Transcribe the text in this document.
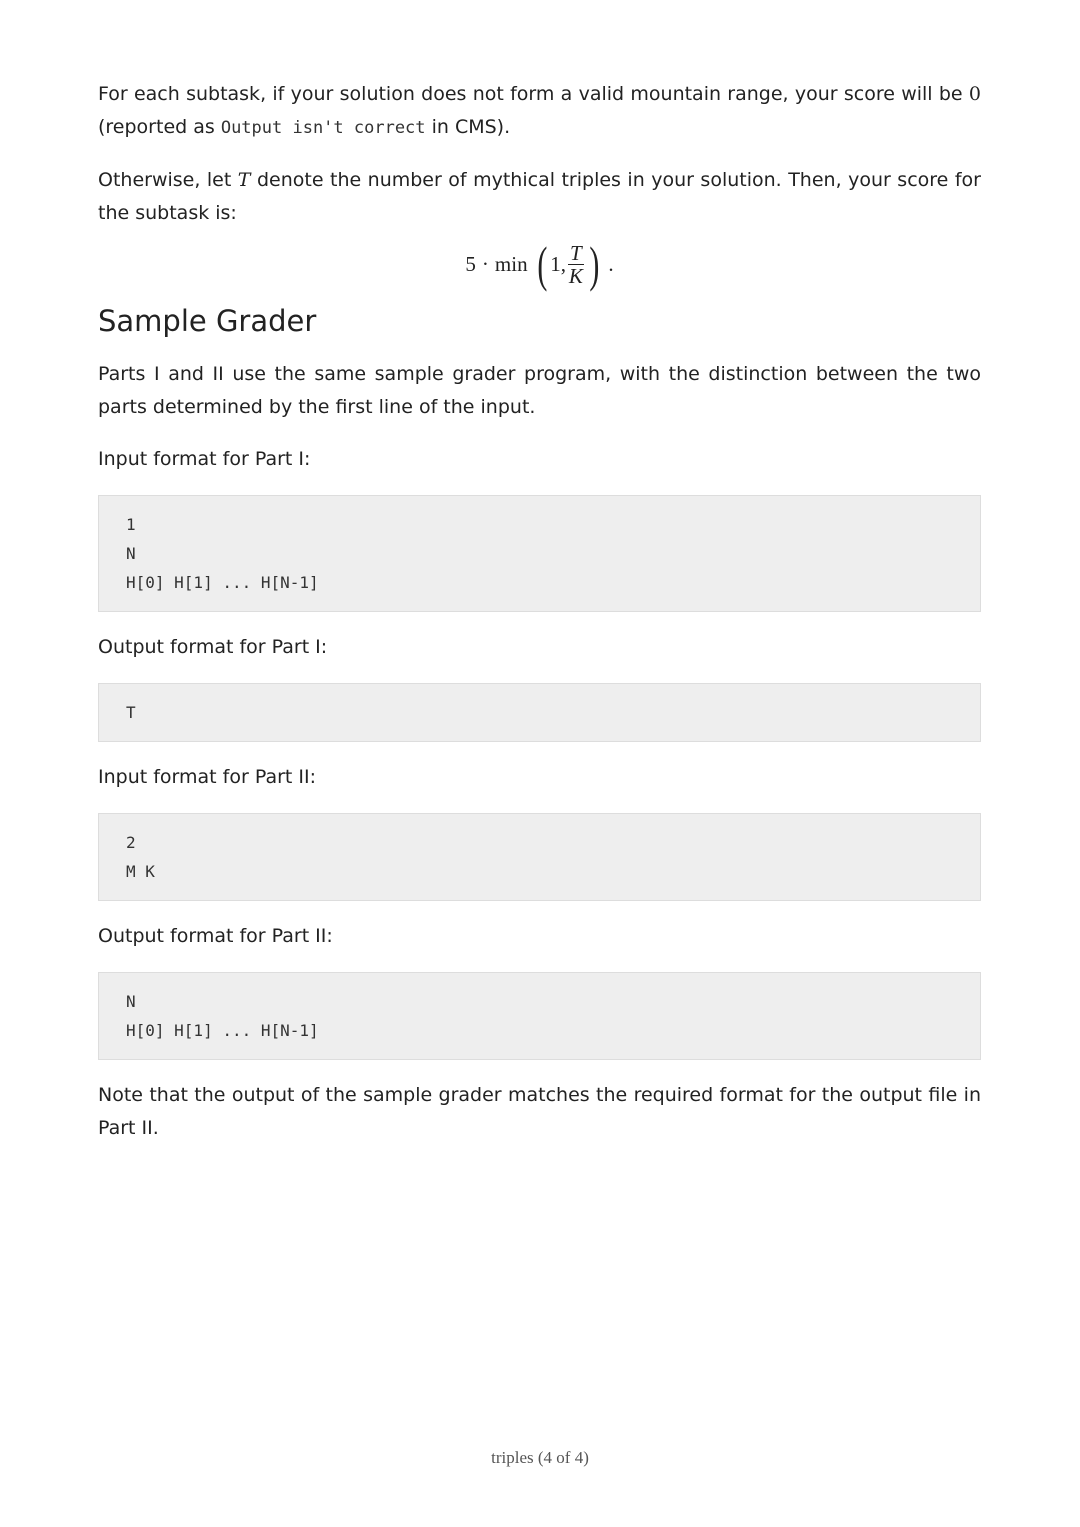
For each subtask, if your solution does not form a valid mountain range, your score will be 0 (reported as Output isn't correct in CMS).

Otherwise, let T denote the number of mythical triples in your solution. Then, your score for the subtask is:

5 · min ( 1, $\frac{T}{K}$ ) .
Sample Grader

Parts I and II use the same sample grader program, with the distinction between the two parts determined by the first line of the input.

Input format for Part I:

1
N
H[0] H[1] ... H[N-1]

Output format for Part I:

T

Input format for Part II:

2
M K

Output format for Part II:

N
H[0] H[1] ... H[N-1]

Note that the output of the sample grader matches the required format for the output file in Part II.

triples (4 of 4)
